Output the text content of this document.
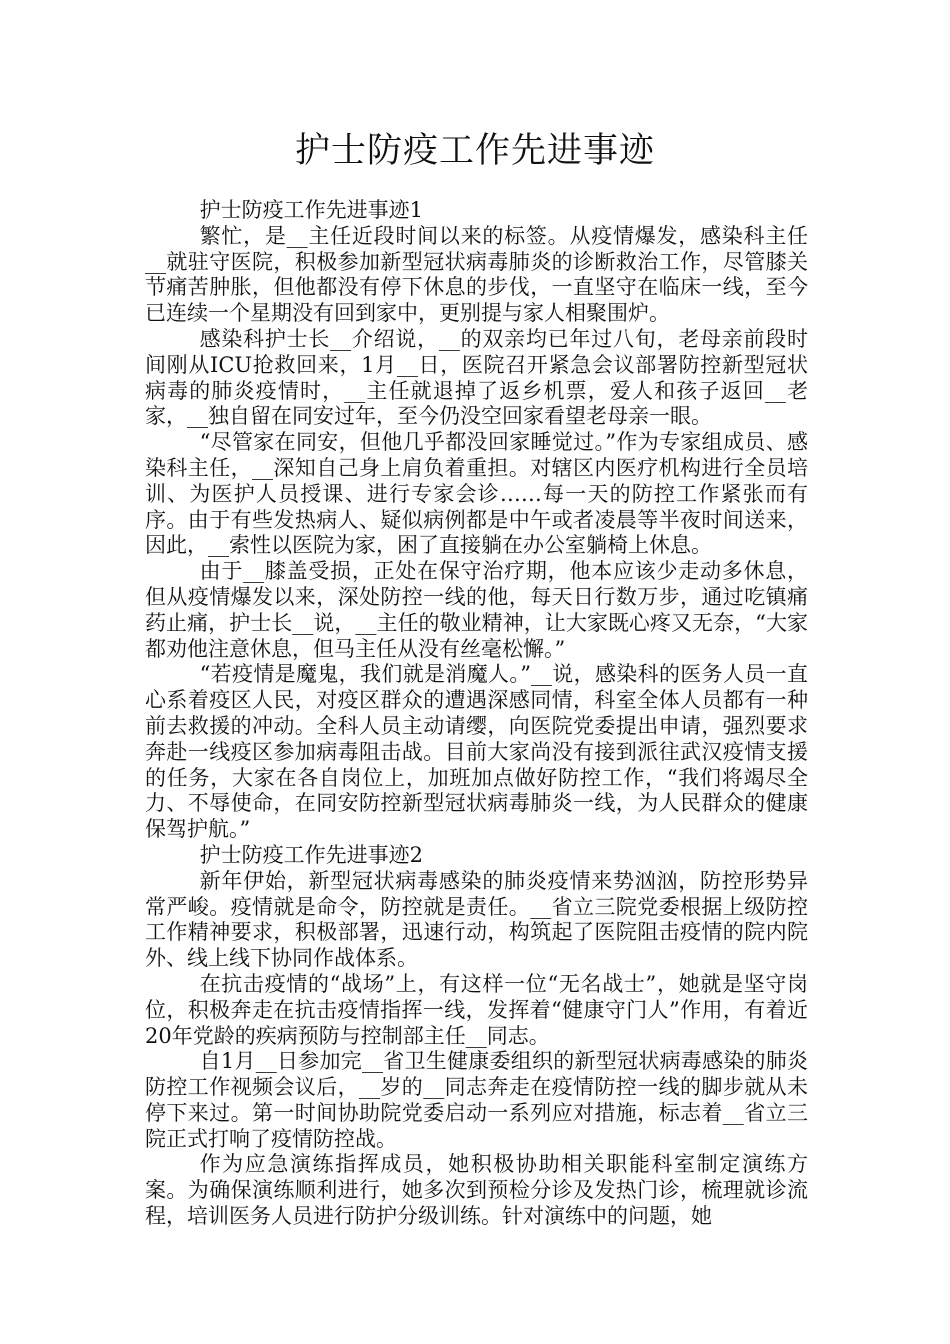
护士防疫工作先进事迹

护士防疫工作先进事迹1

繁忙，是__主任近段时间以来的标签。从疫情爆发，感染科主任__就驻守医院，积极参加新型冠状病毒肺炎的诊断救治工作，尽管膝关节痛苦肿胀，但他都没有停下休息的步伐，一直坚守在临床一线，至今已连续一个星期没有回到家中，更别提与家人相聚围炉。

感染科护士长__介绍说，__的双亲均已年过八旬，老母亲前段时间刚从ICU抢救回来，1月__日，医院召开紧急会议部署防控新型冠状病毒的肺炎疫情时，__主任就退掉了返乡机票，爱人和孩子返回__老家，__独自留在同安过年，至今仍没空回家看望老母亲一眼。

“尽管家在同安，但他几乎都没回家睡觉过。”作为专家组成员、感染科主任，__深知自己身上肩负着重担。对辖区内医疗机构进行全员培训、为医护人员授课、进行专家会诊……每一天的防控工作紧张而有序。由于有些发热病人、疑似病例都是中午或者凌晨等半夜时间送来，因此，__索性以医院为家，困了直接躺在办公室躺椅上休息。

由于__膝盖受损，正处在保守治疗期，他本应该少走动多休息，但从疫情爆发以来，深处防控一线的他，每天日行数万步，通过吃镇痛药止痛，护士长__说，__主任的敬业精神，让大家既心疼又无奈，“大家都劝他注意休息，但马主任从没有丝毫松懈。”

“若疫情是魔鬼，我们就是消魔人。”__说，感染科的医务人员一直心系着疫区人民，对疫区群众的遭遇深感同情，科室全体人员都有一种前去救援的冲动。全科人员主动请缨，向医院党委提出申请，强烈要求奔赴一线疫区参加病毒阻击战。目前大家尚没有接到派往武汉疫情支援的任务，大家在各自岗位上，加班加点做好防控工作，“我们将竭尽全力、不辱使命，在同安防控新型冠状病毒肺炎一线，为人民群众的健康保驾护航。”

护士防疫工作先进事迹2

新年伊始，新型冠状病毒感染的肺炎疫情来势汹汹，防控形势异常严峻。疫情就是命令，防控就是责任。__省立三院党委根据上级防控工作精神要求，积极部署，迅速行动，构筑起了医院阻击疫情的院内院外、线上线下协同作战体系。

在抗击疫情的“战场”上，有这样一位“无名战士”，她就是坚守岗位，积极奔走在抗击疫情指挥一线，发挥着“健康守门人”作用，有着近20年党龄的疾病预防与控制部主任__同志。

自1月__日参加完__省卫生健康委组织的新型冠状病毒感染的肺炎防控工作视频会议后，__岁的__同志奔走在疫情防控一线的脚步就从未停下来过。第一时间协助院党委启动一系列应对措施，标志着__省立三院正式打响了疫情防控战。

作为应急演练指挥成员，她积极协助相关职能科室制定演练方案。为确保演练顺利进行，她多次到预检分诊及发热门诊，梳理就诊流程，培训医务人员进行防护分级训练。针对演练中的问题，她
